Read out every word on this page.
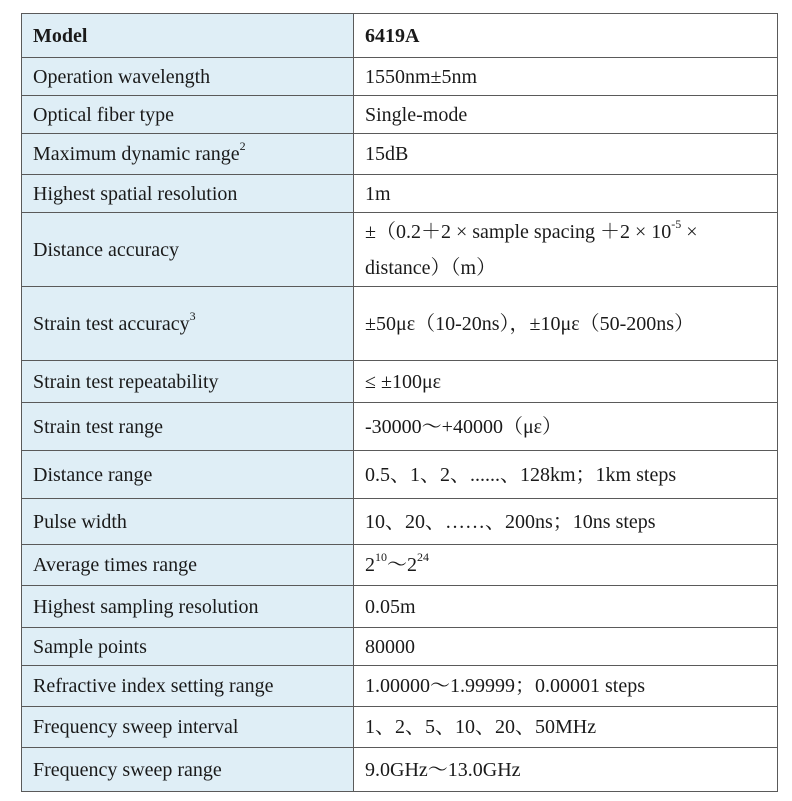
Model	6419A
Operation wavelength	1550nm±5nm
Optical fiber type	Single-mode
Maximum dynamic range$^2$	15dB
Highest spatial resolution	1m
Distance accuracy	±（0.2＋2 × sample spacing $+2 \times 10^{-5}$ ×
distance）（m）
Strain test accuracy$^3$	±50με（10-20ns），±10με（50-200ns）
Strain test repeatability	≤ ±100με
Strain test range	-30000～+40000（με）
Distance range	0.5、1、2、......、128km；1km steps
Pulse width	10、20、……、200ns；10ns steps
Average times range	$2^{10}\sim 2^{24}$
Highest sampling resolution	0.05m
Sample points	80000
Refractive index setting range	1.00000～1.99999；0.00001 steps
Frequency sweep interval	1、2、5、10、20、50MHz
Frequency sweep range	9.0GHz～13.0GHz
